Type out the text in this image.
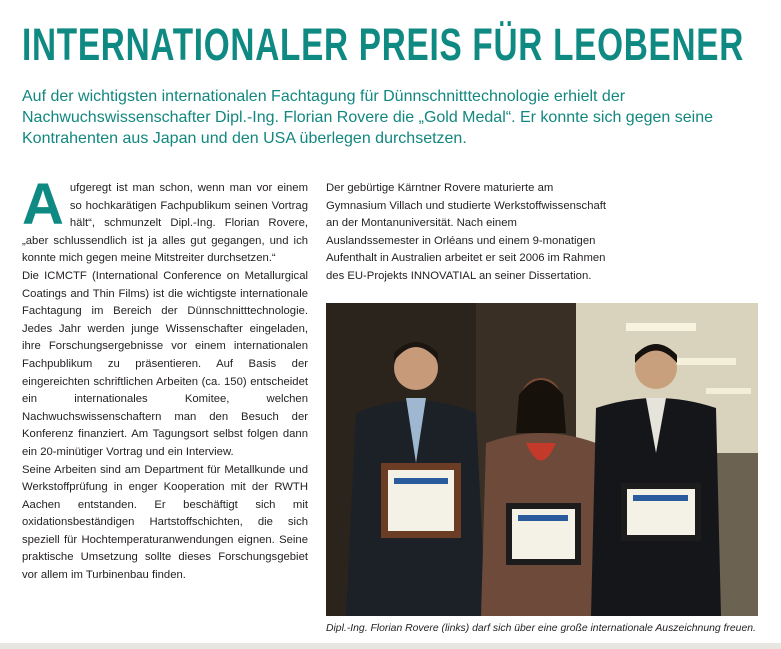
INTERNATIONALER PREIS FÜR LEOBENER

Auf der wichtigsten internationalen Fachtagung für Dünnschnitttechnologie erhielt der Nachwuchswissenschafter Dipl.-Ing. Florian Rovere die „Gold Medal“. Er konnte sich gegen seine Kontrahenten aus Japan und den USA überlegen durchsetzen.

A ufgeregt ist man schon, wenn man vor einem so hochkarätigen Fachpublikum seinen Vortrag hält“, schmunzelt Dipl.-Ing. Florian Rovere, „aber schlussendlich ist ja alles gut gegangen, und ich konnte mich gegen meine Mitstreiter durchsetzen.“

Die ICMCTF (International Conference on Metallurgical Coatings and Thin Films) ist die wichtigste internationale Fachtagung im Bereich der Dünnschnitttechnologie. Jedes Jahr werden junge Wissenschafter eingeladen, ihre Forschungsergebnisse vor einem internationalen Fachpublikum zu präsentieren. Auf Basis der eingereichten schriftlichen Arbeiten (ca. 150) entscheidet ein internationales Komitee, welchen Nachwuchswissenschaftern man den Besuch der Konferenz finanziert. Am Tagungsort selbst folgen dann ein 20-minütiger Vortrag und ein Interview.

Seine Arbeiten sind am Department für Metallkunde und Werkstoffprüfung in enger Kooperation mit der RWTH Aachen entstanden. Er beschäftigt sich mit oxidationsbeständigen Hartstoffschichten, die sich speziell für Hochtemperaturanwendungen eignen. Seine praktische Umsetzung sollte dieses Forschungsgebiet vor allem im Turbinenbau finden.

Der gebürtige Kärntner Rovere maturierte am Gymnasium Villach und studierte Werkstoffwissenschaft an der Montanuniversität. Nach einem Auslandssemester in Orléans und einem 9-monatigen Aufenthalt in Australien arbeitet er seit 2006 im Rahmen des EU-Projekts INNOVATIAL an seiner Dissertation.

Dipl.-Ing. Florian Rovere (links) darf sich über eine große internationale Auszeichnung freuen.
